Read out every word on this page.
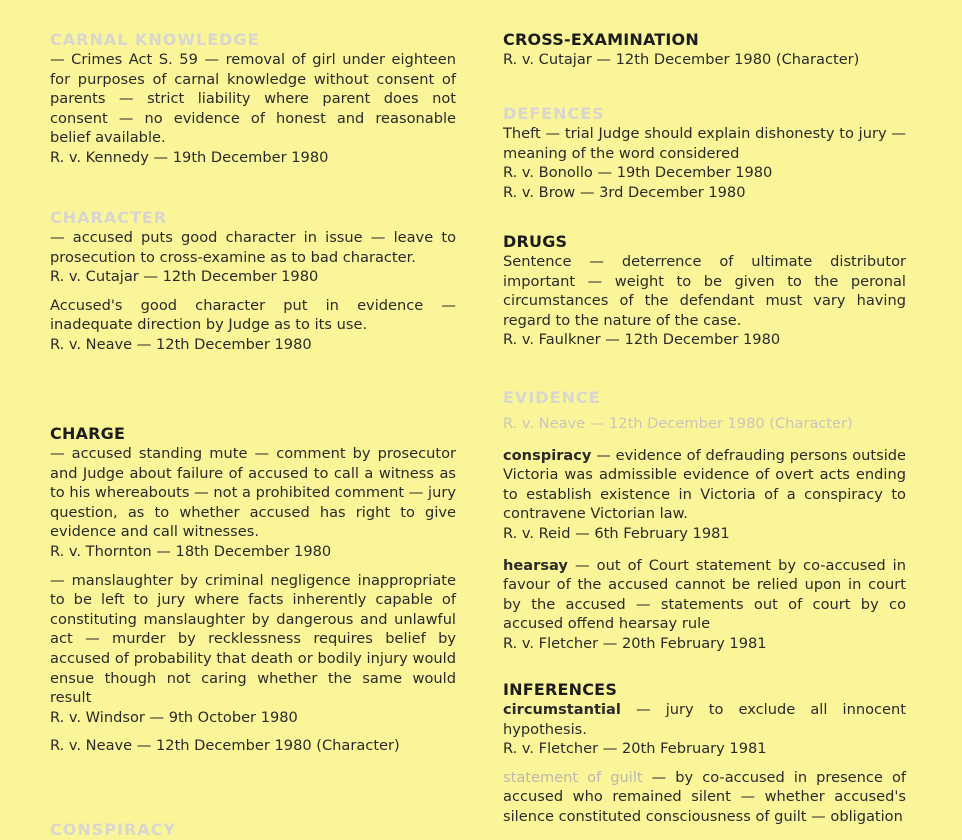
CARNAL KNOWLEDGE

— Crimes Act S. 59 — removal of girl under eighteen for purposes of carnal knowledge without consent of parents — strict liability where parent does not consent — no evidence of honest and reasonable belief available.

R. v. Kennedy — 19th December 1980

CHARACTER

— accused puts good character in issue — leave to prosecution to cross-examine as to bad character.

R. v. Cutajar — 12th December 1980

Accused's good character put in evidence — inadequate direction by Judge as to its use.

R. v. Neave — 12th December 1980

CHARGE

— accused standing mute — comment by prosecutor and Judge about failure of accused to call a witness as to his whereabouts — not a prohibited comment — jury question, as to whether accused has right to give evidence and call witnesses.

R. v. Thornton — 18th December 1980

— manslaughter by criminal negligence inappropriate to be left to jury where facts inherently capable of constituting manslaughter by dangerous and unlawful act — murder by recklessness requires belief by accused of probability that death or bodily injury would ensue though not caring whether the same would result

R. v. Windsor — 9th October 1980

R. v. Neave — 12th December 1980 (Character)

CONSPIRACY
CROSS-EXAMINATION

R. v. Cutajar — 12th December 1980 (Character)

DEFENCES

Theft — trial Judge should explain dishonesty to jury — meaning of the word considered

R. v. Bonollo — 19th December 1980

R. v. Brow — 3rd December 1980

DRUGS

Sentence — deterrence of ultimate distributor important — weight to be given to the peronal circumstances of the defendant must vary having regard to the nature of the case.

R. v. Faulkner — 12th December 1980

EVIDENCE

R. v. Neave — 12th December 1980 (Character)

conspiracy — evidence of defrauding persons outside Victoria was admissible evidence of overt acts ending to establish existence in Victoria of a conspiracy to contravene Victorian law.

R. v. Reid — 6th February 1981

hearsay — out of Court statement by co-accused in favour of the accused cannot be relied upon in court by the accused — statements out of court by co accused offend hearsay rule

R. v. Fletcher — 20th February 1981

INFERENCES

circumstantial — jury to exclude all innocent hypothesis.

R. v. Fletcher — 20th February 1981

statement of guilt — by co-accused in presence of accused who remained silent — whether accused's silence constituted consciousness of guilt — obligation
